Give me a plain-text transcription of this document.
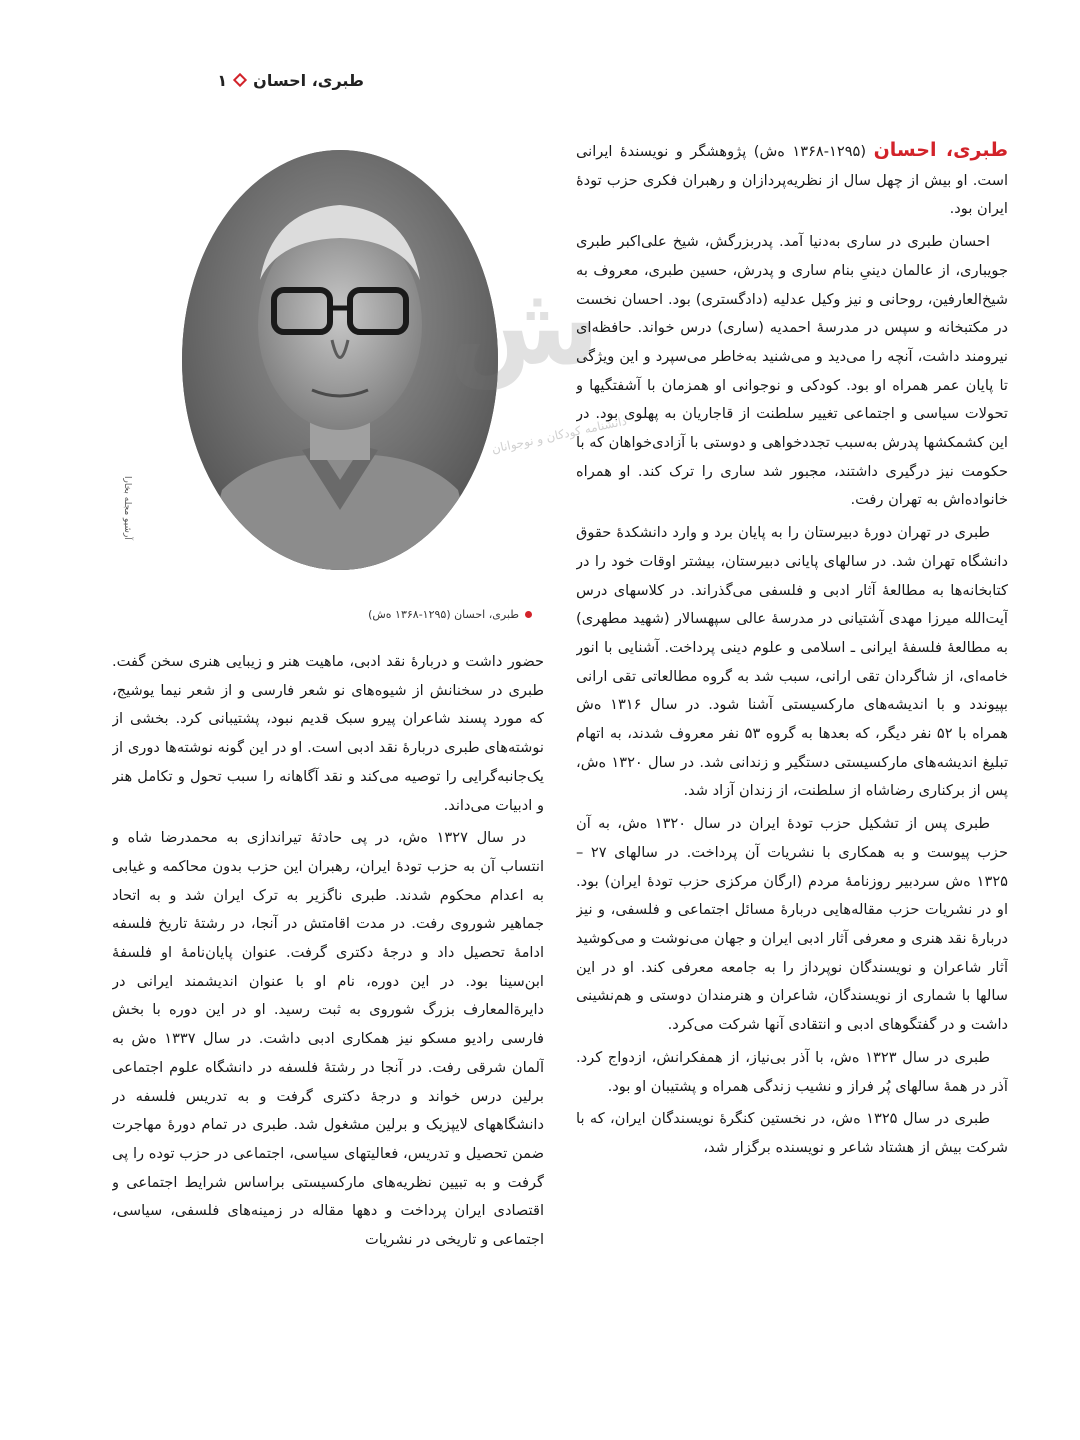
طبری، احسان
۱
آرشیو مجله بخارا
طبری، احسان (۱۲۹۵-۱۳۶۸ ه‌ش)
ش
دانشنامه کودکان و نوجوانان

طبری، احسان (۱۲۹۵-۱۳۶۸ ه‌ش) پژوهشگر و نویسندهٔ ایرانی است. او بیش از چهل سال از نظریه‌پردازان و رهبران فکری حزب تودهٔ ایران بود.

احسان طبری در ساری به‌دنیا آمد. پدربزرگش، شیخ علی‌اکبر طبری جویباری، از عالمان دینیِ بنام ساری و پدرش، حسین طبری، معروف به شیخ‌العارفین، روحانی و نیز وکیل عدلیه (دادگستری) بود. احسان نخست در مکتبخانه و سپس در مدرسهٔ احمدیه (ساری) درس خواند. حافظه‌ای نیرومند داشت، آنچه را می‌دید و می‌شنید به‌خاطر می‌سپرد و این ویژگی تا پایان عمر همراه او بود. کودکی و نوجوانی او همزمان با آشفتگیها و تحولات سیاسی و اجتماعی تغییر سلطنت از قاجاریان به پهلوی بود. در این کشمکشها پدرش به‌سبب تجددخواهی و دوستی با آزادی‌خواهان که با حکومت نیز درگیری داشتند، مجبور شد ساری را ترک کند. او همراه خانواده‌اش به تهران رفت.

طبری در تهران دورهٔ دبیرستان را به پایان برد و وارد دانشکدهٔ حقوق دانشگاه تهران شد. در سالهای پایانی دبیرستان، بیشتر اوقات خود را در کتابخانه‌ها به مطالعهٔ آثار ادبی و فلسفی می‌گذراند. در کلاسهای درس آیت‌الله میرزا مهدی آشتیانی در مدرسهٔ عالی سپهسالار (شهید مطهری) به مطالعهٔ فلسفهٔ ایرانی ـ اسلامی و علوم دینی پرداخت. آشنایی با انور خامه‌ای، از شاگردان تقی ارانی، سبب شد به گروه مطالعاتی تقی ارانی بپیوندد و با اندیشه‌های مارکسیستی آشنا شود. در سال ۱۳۱۶ ه‌ش همراه با ۵۲ نفر دیگر، که بعدها به گروه ۵۳ نفر معروف شدند، به اتهام تبلیغ اندیشه‌های مارکسیستی دستگیر و زندانی شد. در سال ۱۳۲۰ ه‌ش، پس از برکناری رضاشاه از سلطنت، از زندان آزاد شد.

طبری پس از تشکیل حزب تودهٔ ایران در سال ۱۳۲۰ ه‌ش، به آن حزب پیوست و به همکاری با نشریات آن پرداخت. در سالهای ۲۷ – ۱۳۲۵ ه‌ش سردبیر روزنامهٔ مردم (ارگان مرکزی حزب تودهٔ ایران) بود. او در نشریات حزب مقاله‌هایی دربارهٔ مسائل اجتماعی و فلسفی، و نیز دربارهٔ نقد هنری و معرفی آثار ادبی ایران و جهان می‌نوشت و می‌کوشید آثار شاعران و نویسندگان نوپرداز را به جامعه معرفی کند. او در این سالها با شماری از نویسندگان، شاعران و هنرمندان دوستی و هم‌نشینی داشت و در گفتگوهای ادبی و انتقادی آنها شرکت می‌کرد.

طبری در سال ۱۳۲۳ ه‌ش، با آذر بی‌نیاز، از همفکرانش، ازدواج کرد. آذر در همهٔ سالهای پُر فراز و نشیب زندگی همراه و پشتیبان او بود.

طبری در سال ۱۳۲۵ ه‌ش، در نخستین کنگرهٔ نویسندگان ایران، که با شرکت بیش از هشتاد شاعر و نویسنده برگزار شد،

حضور داشت و دربارهٔ نقد ادبی، ماهیت هنر و زیبایی هنری سخن گفت. طبری در سخنانش از شیوه‌های نو شعر فارسی و از شعر نیما یوشیج، که مورد پسند شاعران پیرو سبک قدیم نبود، پشتیبانی کرد. بخشی از نوشته‌های طبری دربارهٔ نقد ادبی است. او در این گونه نوشته‌ها دوری از یک‌جانبه‌گرایی را توصیه می‌کند و نقد آگاهانه را سبب تحول و تکامل هنر و ادبیات می‌داند.

در سال ۱۳۲۷ ه‌ش، در پی حادثهٔ تیراندازی به محمدرضا شاه و انتساب آن به حزب تودهٔ ایران، رهبران این حزب بدون محاکمه و غیابی به اعدام محکوم شدند. طبری ناگزیر به ترک ایران شد و به اتحاد جماهیر شوروی رفت. در مدت اقامتش در آنجا، در رشتهٔ تاریخ فلسفه ادامهٔ تحصیل داد و درجهٔ دکتری گرفت. عنوان پایان‌نامهٔ او فلسفهٔ ابن‌سینا بود. در این دوره، نام او با عنوان اندیشمند ایرانی در دایرةالمعارف بزرگ شوروی به ثبت رسید. او در این دوره با بخش فارسی رادیو مسکو نیز همکاری ادبی داشت. در سال ۱۳۳۷ ه‌ش به آلمان شرقی رفت. در آنجا در رشتهٔ فلسفه در دانشگاه علوم اجتماعی برلین درس خواند و درجهٔ دکتری گرفت و به تدریس فلسفه در دانشگاههای لایپزیک و برلین مشغول شد. طبری در تمام دورهٔ مهاجرت ضمن تحصیل و تدریس، فعالیتهای سیاسی، اجتماعی در حزب توده را پی گرفت و به تبیین نظریه‌های مارکسیستی براساس شرایط اجتماعی و اقتصادی ایران پرداخت و دهها مقاله در زمینه‌های فلسفی، سیاسی، اجتماعی و تاریخی در نشریات
